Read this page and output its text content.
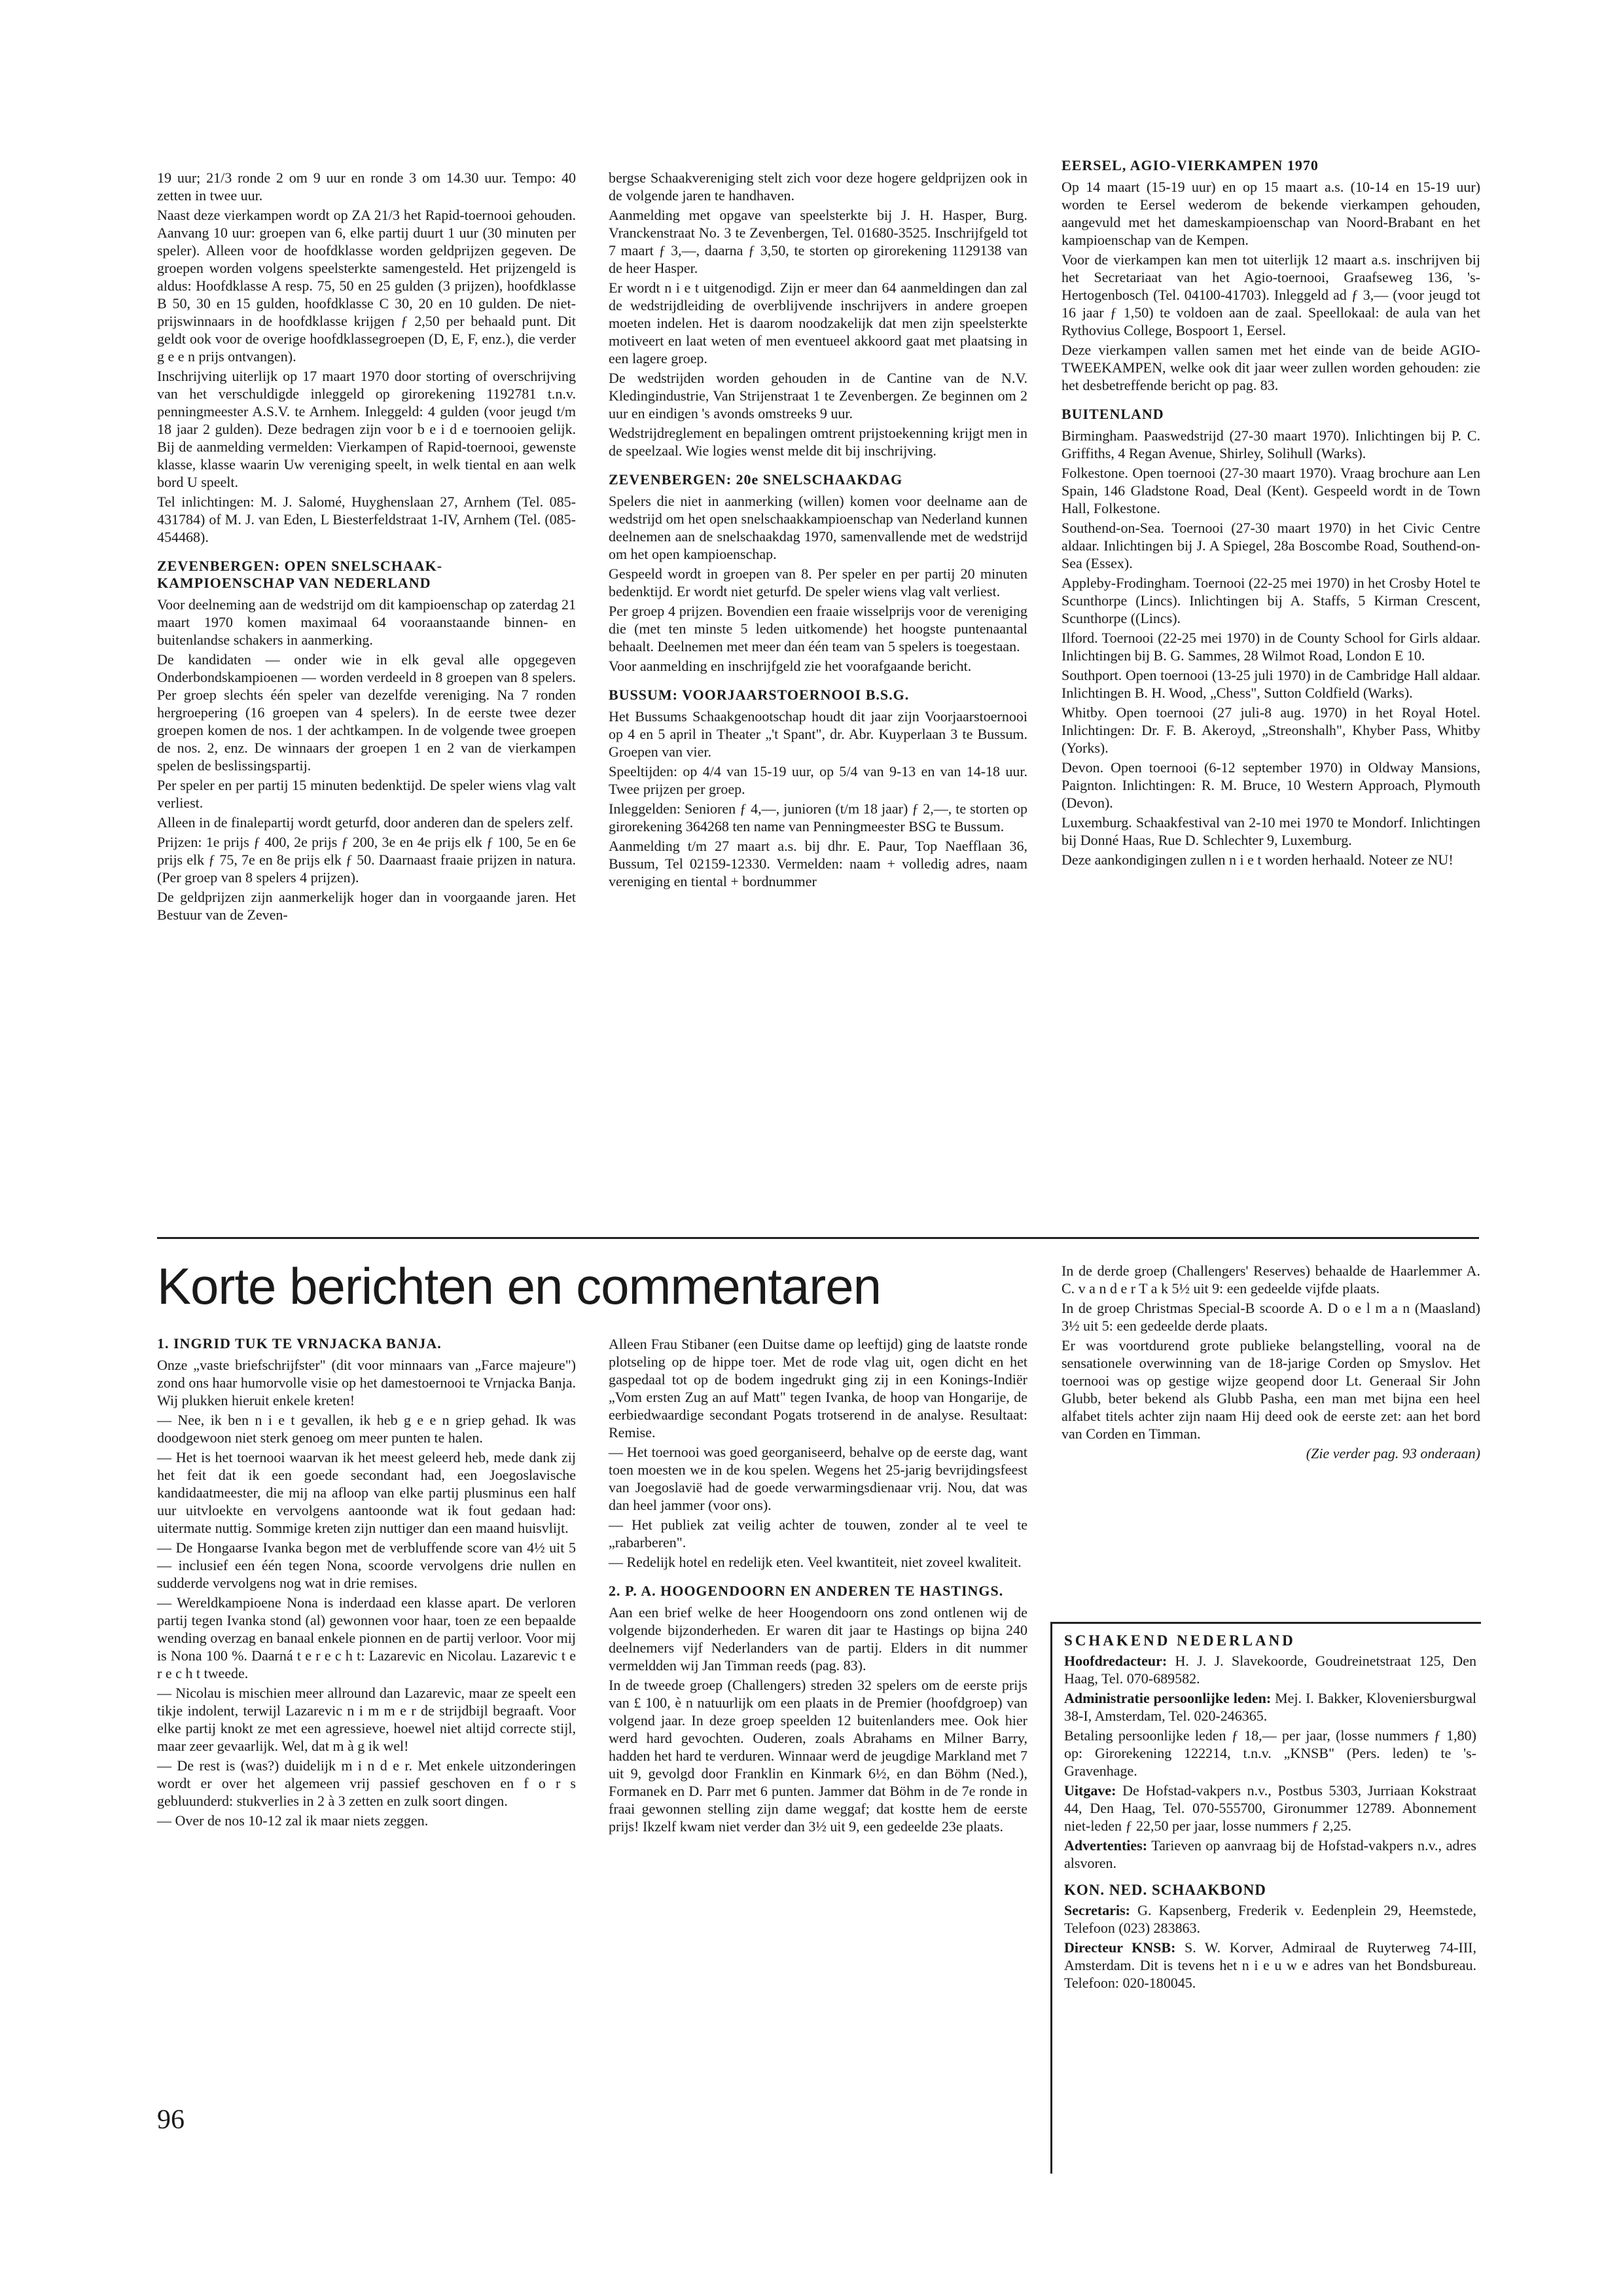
19 uur; 21/3 ronde 2 om 9 uur en ronde 3 om 14.30 uur. Tempo: 40 zetten in twee uur.

Naast deze vierkampen wordt op ZA 21/3 het Rapid-toernooi gehouden. Aanvang 10 uur: groepen van 6, elke partij duurt 1 uur (30 minuten per speler). Alleen voor de hoofdklasse worden geldprijzen gegeven. De groepen worden volgens speelsterkte samengesteld. Het prijzengeld is aldus: Hoofdklasse A resp. 75, 50 en 25 gulden (3 prijzen), hoofdklasse B 50, 30 en 15 gulden, hoofdklasse C 30, 20 en 10 gulden. De niet-prijswinnaars in de hoofdklasse krijgen ƒ 2,50 per behaald punt. Dit geldt ook voor de overige hoofdklassegroepen (D, E, F, enz.), die verder g e e n prijs ontvangen).

Inschrijving uiterlijk op 17 maart 1970 door storting of overschrijving van het verschuldigde inleggeld op girorekening 1192781 t.n.v. penningmeester A.S.V. te Arnhem. Inleggeld: 4 gulden (voor jeugd t/m 18 jaar 2 gulden). Deze bedragen zijn voor b e i d e toernooien gelijk. Bij de aanmelding vermelden: Vierkampen of Rapid-toernooi, gewenste klasse, klasse waarin Uw vereniging speelt, in welk tiental en aan welk bord U speelt.

Tel inlichtingen: M. J. Salomé, Huyghenslaan 27, Arnhem (Tel. 085-431784) of M. J. van Eden, L Biesterfeldstraat 1-IV, Arnhem (Tel. (085-454468).

ZEVENBERGEN: OPEN SNELSCHAAK-KAMPIOENSCHAP VAN NEDERLAND

Voor deelneming aan de wedstrijd om dit kampioenschap op zaterdag 21 maart 1970 komen maximaal 64 vooraanstaande binnen- en buitenlandse schakers in aanmerking.

De kandidaten — onder wie in elk geval alle opgegeven Onderbondskampioenen — worden verdeeld in 8 groepen van 8 spelers. Per groep slechts één speler van dezelfde vereniging. Na 7 ronden hergroepering (16 groepen van 4 spelers). In de eerste twee dezer groepen komen de nos. 1 der achtkampen. In de volgende twee groepen de nos. 2, enz. De winnaars der groepen 1 en 2 van de vierkampen spelen de beslissingspartij.

Per speler en per partij 15 minuten bedenktijd. De speler wiens vlag valt verliest.

Alleen in de finalepartij wordt geturfd, door anderen dan de spelers zelf.

Prijzen: 1e prijs ƒ 400, 2e prijs ƒ 200, 3e en 4e prijs elk ƒ 100, 5e en 6e prijs elk ƒ 75, 7e en 8e prijs elk ƒ 50. Daarnaast fraaie prijzen in natura. (Per groep van 8 spelers 4 prijzen).

De geldprijzen zijn aanmerkelijk hoger dan in voorgaande jaren. Het Bestuur van de Zeven-

bergse Schaakvereniging stelt zich voor deze hogere geldprijzen ook in de volgende jaren te handhaven.

Aanmelding met opgave van speelsterkte bij J. H. Hasper, Burg. Vranckenstraat No. 3 te Zevenbergen, Tel. 01680-3525. Inschrijfgeld tot 7 maart ƒ 3,—, daarna ƒ 3,50, te storten op girorekening 1129138 van de heer Hasper.

Er wordt n i e t uitgenodigd. Zijn er meer dan 64 aanmeldingen dan zal de wedstrijdleiding de overblijvende inschrijvers in andere groepen moeten indelen. Het is daarom noodzakelijk dat men zijn speelsterkte motiveert en laat weten of men eventueel akkoord gaat met plaatsing in een lagere groep.

De wedstrijden worden gehouden in de Cantine van de N.V. Kledingindustrie, Van Strijenstraat 1 te Zevenbergen. Ze beginnen om 2 uur en eindigen 's avonds omstreeks 9 uur.

Wedstrijdreglement en bepalingen omtrent prijstoekenning krijgt men in de speelzaal. Wie logies wenst melde dit bij inschrijving.

ZEVENBERGEN: 20e SNELSCHAAKDAG

Spelers die niet in aanmerking (willen) komen voor deelname aan de wedstrijd om het open snelschaakkampioenschap van Nederland kunnen deelnemen aan de snelschaakdag 1970, samenvallende met de wedstrijd om het open kampioenschap.

Gespeeld wordt in groepen van 8. Per speler en per partij 20 minuten bedenktijd. Er wordt niet geturfd. De speler wiens vlag valt verliest.

Per groep 4 prijzen. Bovendien een fraaie wisselprijs voor de vereniging die (met ten minste 5 leden uitkomende) het hoogste puntenaantal behaalt. Deelnemen met meer dan één team van 5 spelers is toegestaan.

Voor aanmelding en inschrijfgeld zie het voorafgaande bericht.

BUSSUM: VOORJAARSTOERNOOI B.S.G.

Het Bussums Schaakgenootschap houdt dit jaar zijn Voorjaarstoernooi op 4 en 5 april in Theater „'t Spant", dr. Abr. Kuyperlaan 3 te Bussum. Groepen van vier.

Speeltijden: op 4/4 van 15-19 uur, op 5/4 van 9-13 en van 14-18 uur. Twee prijzen per groep.

Inleggelden: Senioren ƒ 4,—, junioren (t/m 18 jaar) ƒ 2,—, te storten op girorekening 364268 ten name van Penningmeester BSG te Bussum.

Aanmelding t/m 27 maart a.s. bij dhr. E. Paur, Top Naefflaan 36, Bussum, Tel 02159-12330. Vermelden: naam + volledig adres, naam vereniging en tiental + bordnummer

EERSEL, AGIO-VIERKAMPEN 1970

Op 14 maart (15-19 uur) en op 15 maart a.s. (10-14 en 15-19 uur) worden te Eersel wederom de bekende vierkampen gehouden, aangevuld met het dameskampioenschap van Noord-Brabant en het kampioenschap van de Kempen.

Voor de vierkampen kan men tot uiterlijk 12 maart a.s. inschrijven bij het Secretariaat van het Agio-toernooi, Graafseweg 136, 's-Hertogenbosch (Tel. 04100-41703). Inleggeld ad ƒ 3,— (voor jeugd tot 16 jaar ƒ 1,50) te voldoen aan de zaal. Speellokaal: de aula van het Rythovius College, Bospoort 1, Eersel.

Deze vierkampen vallen samen met het einde van de beide AGIO-TWEEKAMPEN, welke ook dit jaar weer zullen worden gehouden: zie het desbetreffende bericht op pag. 83.

BUITENLAND

Birmingham. Paaswedstrijd (27-30 maart 1970). Inlichtingen bij P. C. Griffiths, 4 Regan Avenue, Shirley, Solihull (Warks).

Folkestone. Open toernooi (27-30 maart 1970). Vraag brochure aan Len Spain, 146 Gladstone Road, Deal (Kent). Gespeeld wordt in de Town Hall, Folkestone.

Southend-on-Sea. Toernooi (27-30 maart 1970) in het Civic Centre aldaar. Inlichtingen bij J. A Spiegel, 28a Boscombe Road, Southend-on-Sea (Essex).

Appleby-Frodingham. Toernooi (22-25 mei 1970) in het Crosby Hotel te Scunthorpe (Lincs). Inlichtingen bij A. Staffs, 5 Kirman Crescent, Scunthorpe ((Lincs).

Ilford. Toernooi (22-25 mei 1970) in de County School for Girls aldaar. Inlichtingen bij B. G. Sammes, 28 Wilmot Road, London E 10.

Southport. Open toernooi (13-25 juli 1970) in de Cambridge Hall aldaar. Inlichtingen B. H. Wood, „Chess", Sutton Coldfield (Warks).

Whitby. Open toernooi (27 juli-8 aug. 1970) in het Royal Hotel. Inlichtingen: Dr. F. B. Akeroyd, „Streonshalh", Khyber Pass, Whitby (Yorks).

Devon. Open toernooi (6-12 september 1970) in Oldway Mansions, Paignton. Inlichtingen: R. M. Bruce, 10 Western Approach, Plymouth (Devon).

Luxemburg. Schaakfestival van 2-10 mei 1970 te Mondorf. Inlichtingen bij Donné Haas, Rue D. Schlechter 9, Luxemburg.

Deze aankondigingen zullen n i e t worden herhaald. Noteer ze NU!

Korte berichten en commentaren
1. INGRID TUK TE VRNJACKA BANJA.

Onze „vaste briefschrijfster" (dit voor minnaars van „Farce majeure") zond ons haar humorvolle visie op het damestoernooi te Vrnjacka Banja. Wij plukken hieruit enkele kreten!

— Nee, ik ben n i e t gevallen, ik heb g e e n griep gehad. Ik was doodgewoon niet sterk genoeg om meer punten te halen.

— Het is het toernooi waarvan ik het meest geleerd heb, mede dank zij het feit dat ik een goede secondant had, een Joegoslavische kandidaatmeester, die mij na afloop van elke partij plusminus een half uur uitvloekte en vervolgens aantoonde wat ik fout gedaan had: uitermate nuttig. Sommige kreten zijn nuttiger dan een maand huisvlijt.

— De Hongaarse Ivanka begon met de verbluffende score van 4½ uit 5 — inclusief een één tegen Nona, scoorde vervolgens drie nullen en sudderde vervolgens nog wat in drie remises.

— Wereldkampioene Nona is inderdaad een klasse apart. De verloren partij tegen Ivanka stond (al) gewonnen voor haar, toen ze een bepaalde wending overzag en banaal enkele pionnen en de partij verloor. Voor mij is Nona 100 %. Daarná t e r e c h t: Lazarevic en Nicolau. Lazarevic t e r e c h t tweede.

— Nicolau is mischien meer allround dan Lazarevic, maar ze speelt een tikje indolent, terwijl Lazarevic n i m m e r de strijdbijl begraaft. Voor elke partij knokt ze met een agressieve, hoewel niet altijd correcte stijl, maar zeer gevaarlijk. Wel, dat m à g ik wel!

— De rest is (was?) duidelijk m i n d e r. Met enkele uitzonderingen wordt er over het algemeen vrij passief geschoven en f o r s gebluunderd: stukverlies in 2 à 3 zetten en zulk soort dingen.

— Over de nos 10-12 zal ik maar niets zeggen.

Alleen Frau Stibaner (een Duitse dame op leeftijd) ging de laatste ronde plotseling op de hippe toer. Met de rode vlag uit, ogen dicht en het gaspedaal tot op de bodem ingedrukt ging zij in een Konings-Indiër „Vom ersten Zug an auf Matt" tegen Ivanka, de hoop van Hongarije, de eerbiedwaardige secondant Pogats trotserend in de analyse. Resultaat: Remise.

— Het toernooi was goed georganiseerd, behalve op de eerste dag, want toen moesten we in de kou spelen. Wegens het 25-jarig bevrijdingsfeest van Joegoslavië had de goede verwarmingsdienaar vrij. Nou, dat was dan heel jammer (voor ons).

— Het publiek zat veilig achter de touwen, zonder al te veel te „rabarberen".

— Redelijk hotel en redelijk eten. Veel kwantiteit, niet zoveel kwaliteit.

2. P. A. HOOGENDOORN EN ANDEREN TE HASTINGS.

Aan een brief welke de heer Hoogendoorn ons zond ontlenen wij de volgende bijzonderheden. Er waren dit jaar te Hastings op bijna 240 deelnemers vijf Nederlanders van de partij. Elders in dit nummer vermeldden wij Jan Timman reeds (pag. 83).

In de tweede groep (Challengers) streden 32 spelers om de eerste prijs van £ 100, è n natuurlijk om een plaats in de Premier (hoofdgroep) van volgend jaar. In deze groep speelden 12 buitenlanders mee. Ook hier werd hard gevochten. Ouderen, zoals Abrahams en Milner Barry, hadden het hard te verduren. Winnaar werd de jeugdige Markland met 7 uit 9, gevolgd door Franklin en Kinmark 6½, en dan Böhm (Ned.), Formanek en D. Parr met 6 punten. Jammer dat Böhm in de 7e ronde in fraai gewonnen stelling zijn dame weggaf; dat kostte hem de eerste prijs! Ikzelf kwam niet verder dan 3½ uit 9, een gedeelde 23e plaats.

In de derde groep (Challengers' Reserves) behaalde de Haarlemmer A. C. v a n d e r T a k 5½ uit 9: een gedeelde vijfde plaats.

In de groep Christmas Special-B scoorde A. D o e l m a n (Maasland) 3½ uit 5: een gedeelde derde plaats.

Er was voortdurend grote publieke belangstelling, vooral na de sensationele overwinning van de 18-jarige Corden op Smyslov. Het toernooi was op gestige wijze geopend door Lt. Generaal Sir John Glubb, beter bekend als Glubb Pasha, een man met bijna een heel alfabet titels achter zijn naam Hij deed ook de eerste zet: aan het bord van Corden en Timman.

(Zie verder pag. 93 onderaan)

SCHAKEND NEDERLAND

Hoofdredacteur: H. J. J. Slavekoorde, Goudreinetstraat 125, Den Haag, Tel. 070-689582.

Administratie persoonlijke leden: Mej. I. Bakker, Kloveniersburgwal 38-I, Amsterdam, Tel. 020-246365.

Betaling persoonlijke leden ƒ 18,— per jaar, (losse nummers ƒ 1,80) op: Girorekening 122214, t.n.v. „KNSB" (Pers. leden) te 's-Gravenhage.

Uitgave: De Hofstad-vakpers n.v., Postbus 5303, Jurriaan Kokstraat 44, Den Haag, Tel. 070-555700, Gironummer 12789. Abonnement niet-leden ƒ 22,50 per jaar, losse nummers ƒ 2,25.

Advertenties: Tarieven op aanvraag bij de Hofstad-vakpers n.v., adres alsvoren.

KON. NED. SCHAAKBOND

Secretaris: G. Kapsenberg, Frederik v. Eedenplein 29, Heemstede, Telefoon (023) 283863.

Directeur KNSB: S. W. Korver, Admiraal de Ruyterweg 74-III, Amsterdam. Dit is tevens het n i e u w e adres van het Bondsbureau. Telefoon: 020-180045.

96
